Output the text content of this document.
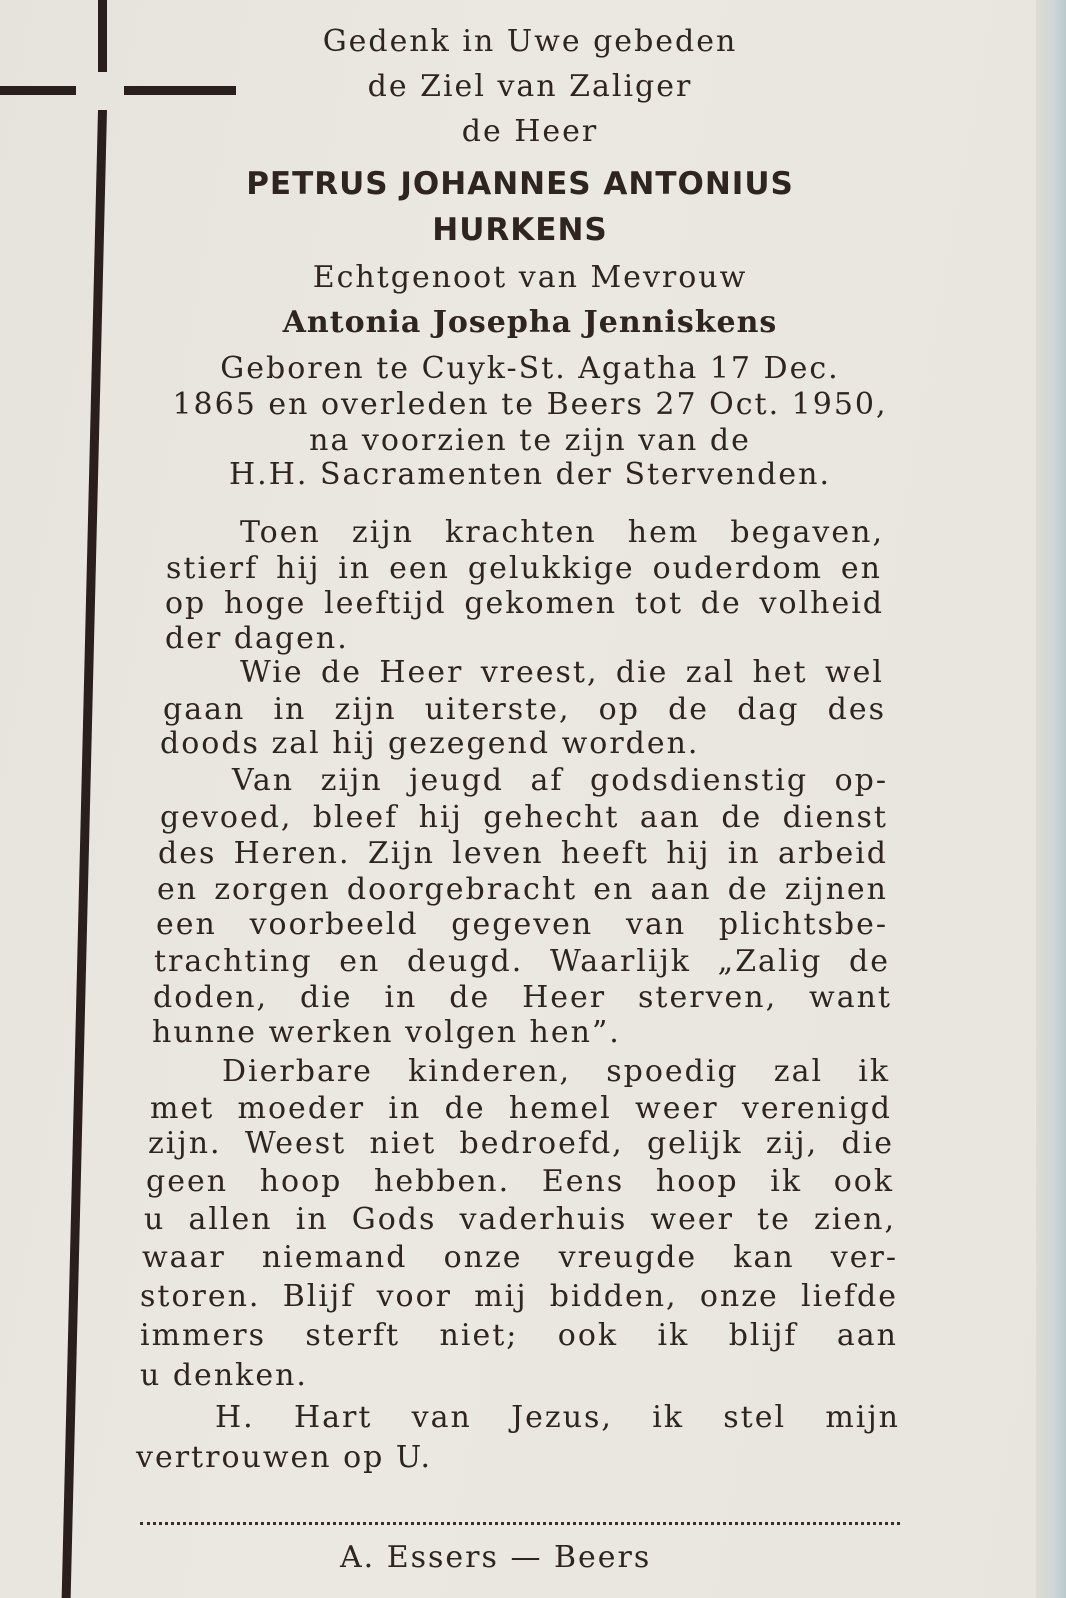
Gedenk in Uwe gebeden
de Ziel van Zaliger
de Heer
PETRUS JOHANNES ANTONIUS
HURKENS
Echtgenoot van Mevrouw
Antonia Josepha Jenniskens
Geboren te Cuyk-St. Agatha 17 Dec.
1865 en overleden te Beers 27 Oct. 1950,
na voorzien te zijn van de
H.H. Sacramenten der Stervenden.
Toen zijn krachten hem begaven,
stierf hij in een gelukkige ouderdom en
op hoge leeftijd gekomen tot de volheid
der dagen.
Wie de Heer vreest, die zal het wel
gaan in zijn uiterste, op de dag des
doods zal hij gezegend worden.
Van zijn jeugd af godsdienstig op-
gevoed, bleef hij gehecht aan de dienst
des Heren. Zijn leven heeft hij in arbeid
en zorgen doorgebracht en aan de zijnen
een voorbeeld gegeven van plichtsbe-
trachting en deugd. Waarlijk „Zalig de
doden, die in de Heer sterven, want
hunne werken volgen hen”.
Dierbare kinderen, spoedig zal ik
met moeder in de hemel weer verenigd
zijn. Weest niet bedroefd, gelijk zij, die
geen hoop hebben. Eens hoop ik ook
u allen in Gods vaderhuis weer te zien,
waar niemand onze vreugde kan ver-
storen. Blijf voor mij bidden, onze liefde
immers sterft niet; ook ik blijf aan
u denken.
H. Hart van Jezus, ik stel mijn
vertrouwen op U.
A. Essers — Beers
